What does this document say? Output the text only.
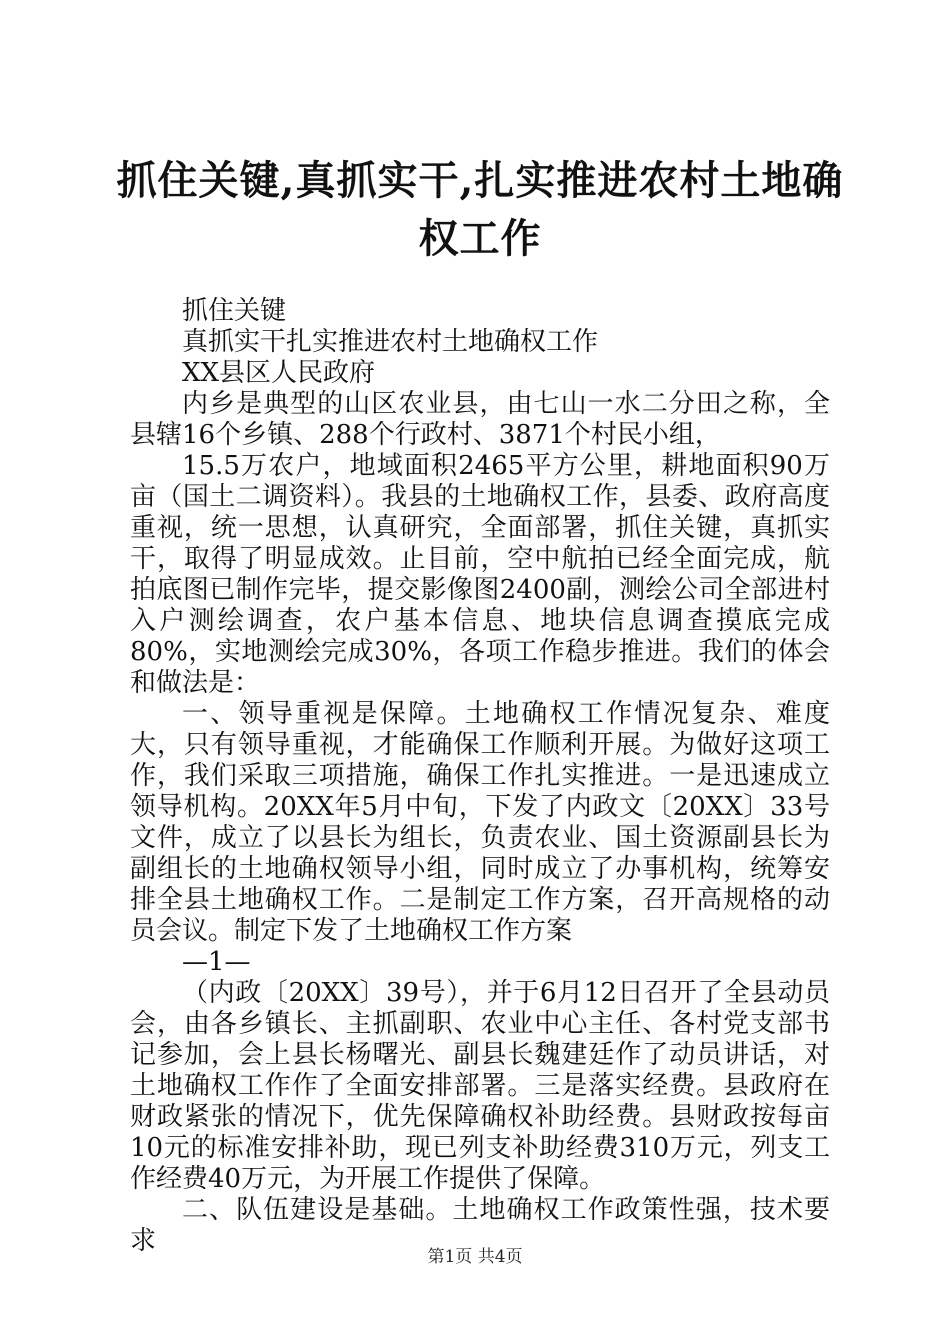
抓住关键,真抓实干,扎实推进农村土地确权工作

抓住关键

真抓实干扎实推进农村土地确权工作

XX县区人民政府

内乡是典型的山区农业县，由七山一水二分田之称，全县辖16个乡镇、288个行政村、3871个村民小组，

15.5万农户，地域面积2465平方公里，耕地面积90万亩（国土二调资料）。我县的土地确权工作，县委、政府高度重视，统一思想，认真研究，全面部署，抓住关键，真抓实干，取得了明显成效。止目前，空中航拍已经全面完成，航拍底图已制作完毕，提交影像图2400副，测绘公司全部进村入户测绘调查，农户基本信息、地块信息调查摸底完成80%，实地测绘完成30%，各项工作稳步推进。我们的体会和做法是：

一、领导重视是保障。土地确权工作情况复杂、难度大，只有领导重视，才能确保工作顺利开展。为做好这项工作，我们采取三项措施，确保工作扎实推进。一是迅速成立领导机构。20XX年5月中旬，下发了内政文〔20XX〕33号文件，成立了以县长为组长，负责农业、国土资源副县长为副组长的土地确权领导小组，同时成立了办事机构，统筹安排全县土地确权工作。二是制定工作方案，召开高规格的动员会议。制定下发了土地确权工作方案

—1—

（内政〔20XX〕39号），并于6月12日召开了全县动员会，由各乡镇长、主抓副职、农业中心主任、各村党支部书记参加，会上县长杨曙光、副县长魏建廷作了动员讲话，对土地确权工作作了全面安排部署。三是落实经费。县政府在财政紧张的情况下，优先保障确权补助经费。县财政按每亩10元的标准安排补助，现已列支补助经费310万元，列支工作经费40万元，为开展工作提供了保障。

二、队伍建设是基础。土地确权工作政策性强，技术要求

第1页 共4页
